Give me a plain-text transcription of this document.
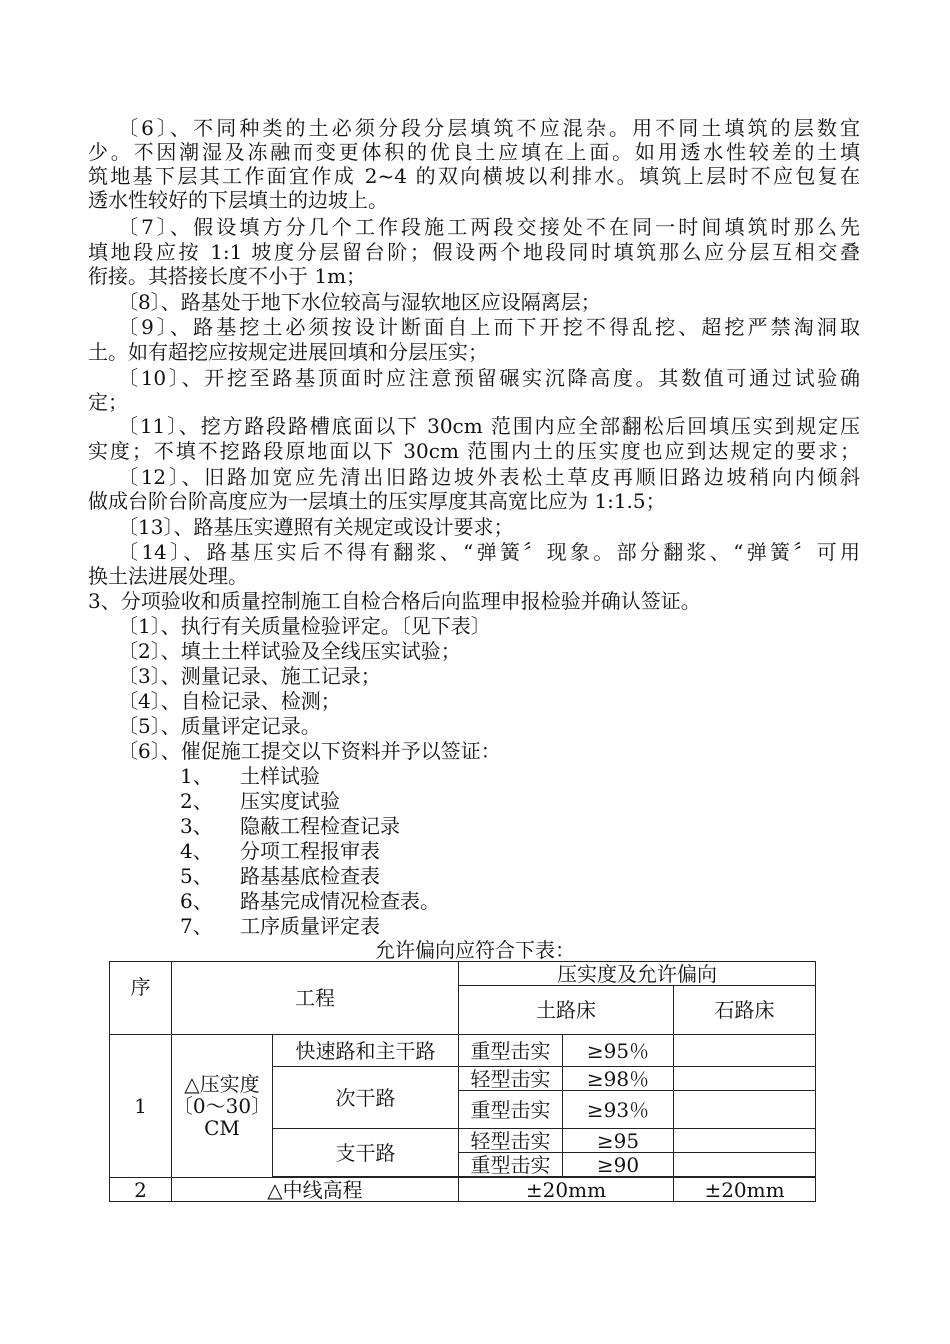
〔6〕、不同种类的土必须分段分层填筑不应混杂。用不同土填筑的层数宜
少。不因潮湿及冻融而变更体积的优良土应填在上面。如用透水性较差的土填
筑地基下层其工作面宜作成 2~4 的双向横坡以利排水。填筑上层时不应包复在
透水性较好的下层填土的边坡上。
〔7〕、假设填方分几个工作段施工两段交接处不在同一时间填筑时那么先
填地段应按 1:1 坡度分层留台阶；假设两个地段同时填筑那么应分层互相交叠
衔接。其搭接长度不小于 1m；
〔8〕、路基处于地下水位较高与湿软地区应设隔离层；
〔9〕、路基挖土必须按设计断面自上而下开挖不得乱挖、超挖严禁淘洞取
土。如有超挖应按规定进展回填和分层压实；
〔10〕、开挖至路基顶面时应注意预留碾实沉降高度。其数值可通过试验确
定；
〔11〕、挖方路段路槽底面以下 30cm 范围内应全部翻松后回填压实到规定压
实度；不填不挖路段原地面以下 30cm 范围内土的压实度也应到达规定的要求；
〔12〕、旧路加宽应先清出旧路边坡外表松土草皮再顺旧路边坡稍向内倾斜
做成台阶台阶高度应为一层填土的压实厚度其高宽比应为 1:1.5；
〔13〕、路基压实遵照有关规定或设计要求；
〔14〕、路基压实后不得有翻浆、“弹簧〞现象。部分翻浆、“弹簧〞可用
换土法进展处理。
3、分项验收和质量控制施工自检合格后向监理申报检验并确认签证。
〔1〕、执行有关质量检验评定。〔见下表〕
〔2〕、填土土样试验及全线压实试验；
〔3〕、测量记录、施工记录；
〔4〕、自检记录、检测；
〔5〕、质量评定记录。
〔6〕、催促施工提交以下资料并予以签证：
1、 土样试验
2、 压实度试验
3、 隐蔽工程检查记录
4、 分项工程报审表
5、 路基基底检查表
6、 路基完成情况检查表。
7、 工序质量评定表
允许偏向应符合下表：
序	工程		压实度及允许偏向		
			土路床		石路床
1	△压实度〔0～30〕CM	快速路和主干路	重型击实	≥95％	
		次干路	轻型击实	≥98％	
			重型击实	≥93％	
		支干路	轻型击实	≥95	
			重型击实	≥90	

2	△中线高程		±20mm		±20mm
